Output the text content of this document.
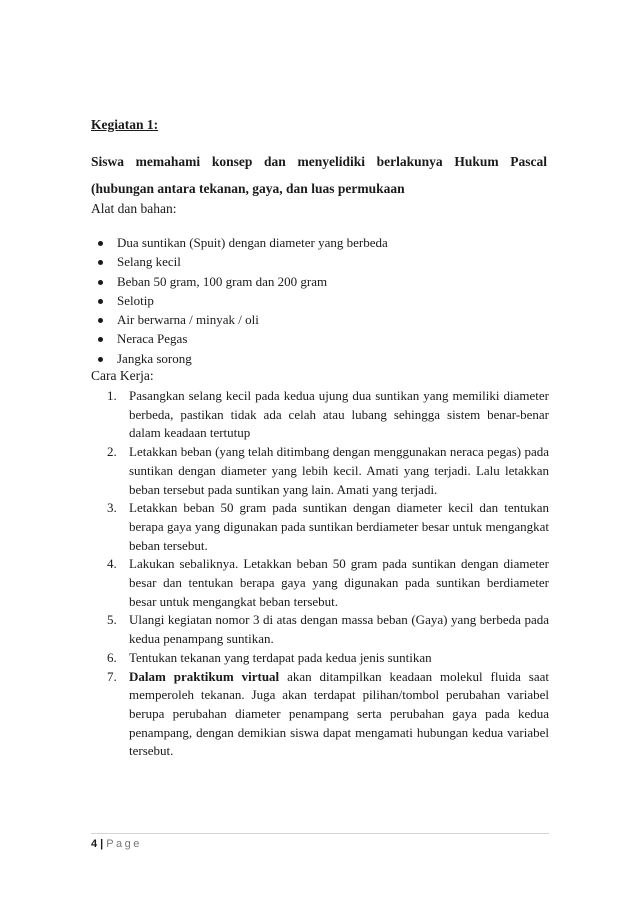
Kegiatan 1:

Siswa memahami konsep dan menyelidiki berlakunya Hukum Pascal (hubungan antara tekanan, gaya, dan luas permukaan

Alat dan bahan:
Dua suntikan (Spuit) dengan diameter yang berbeda
Selang kecil
Beban 50 gram, 100 gram dan 200 gram
Selotip
Air berwarna / minyak / oli
Neraca Pegas
Jangka sorong
Cara Kerja:
1. Pasangkan selang kecil pada kedua ujung dua suntikan yang memiliki diameter berbeda, pastikan tidak ada celah atau lubang sehingga sistem benar-benar dalam keadaan tertutup
2. Letakkan beban (yang telah ditimbang dengan menggunakan neraca pegas) pada suntikan dengan diameter yang lebih kecil. Amati yang terjadi. Lalu letakkan beban tersebut pada suntikan yang lain. Amati yang terjadi.
3. Letakkan beban 50 gram pada suntikan dengan diameter kecil dan tentukan berapa gaya yang digunakan pada suntikan berdiameter besar untuk mengangkat beban tersebut.
4. Lakukan sebaliknya. Letakkan beban 50 gram pada suntikan dengan diameter besar dan tentukan berapa gaya yang digunakan pada suntikan berdiameter besar untuk mengangkat beban tersebut.
5. Ulangi kegiatan nomor 3 di atas dengan massa beban (Gaya) yang berbeda pada kedua penampang suntikan.
6. Tentukan tekanan yang terdapat pada kedua jenis suntikan
7. Dalam praktikum virtual akan ditampilkan keadaan molekul fluida saat memperoleh tekanan. Juga akan terdapat pilihan/tombol perubahan variabel berupa perubahan diameter penampang serta perubahan gaya pada kedua penampang, dengan demikian siswa dapat mengamati hubungan kedua variabel tersebut.
4 | Page
